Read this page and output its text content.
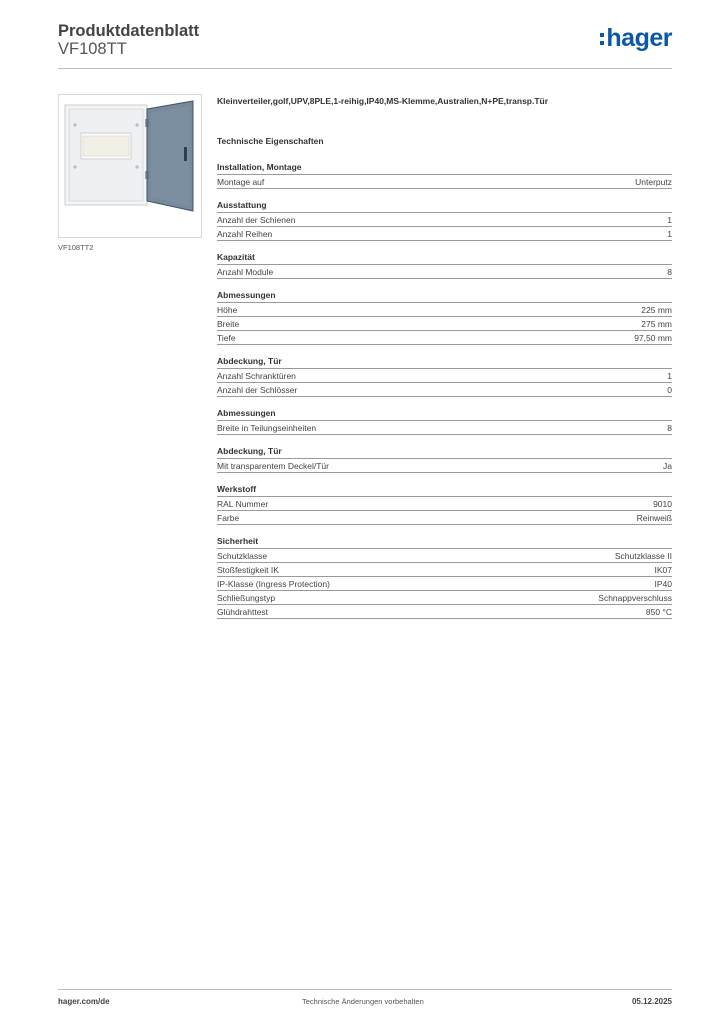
Produktdatenblatt
VF108TT	hager
VF108TT2
Kleinverteiler,golf,UPV,8PLE,1-reihig,IP40,MS-Klemme,Australien,N+PE,transp.Tür
Technische Eigenschaften
Installation, Montage
Montage auf	Unterputz
Ausstattung
Anzahl der Schienen	1
Anzahl Reihen	1
Kapazität
Anzahl Module	8
Abmessungen
Höhe	225 mm
Breite	275 mm
Tiefe	97,50 mm
Abdeckung, Tür
Anzahl Schranktüren	1
Anzahl der Schlösser	0
Abmessungen
Breite in Teilungseinheiten	8
Abdeckung, Tür
Mit transparentem Deckel/Tür	Ja
Werkstoff
RAL Nummer	9010
Farbe	Reinweiß
Sicherheit
Schutzklasse	Schutzklasse II
Stoßfestigkeit IK	IK07
IP-Klasse (Ingress Protection)	IP40
Schließungstyp	Schnappverschluss
Glühdrahttest	850 °C
hager.com/de	Technische Änderungen vorbehalten	05.12.2025
